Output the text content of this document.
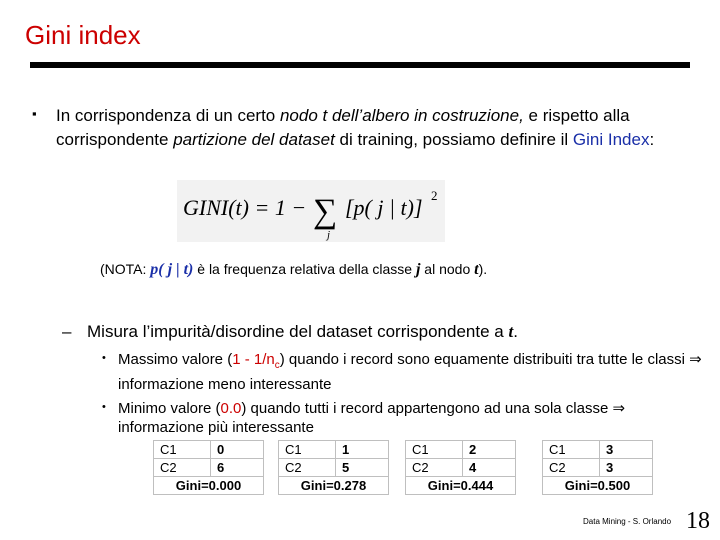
Gini index
▪ In corrispondenza di un certo nodo t dell’albero in costruzione, e rispetto alla corrispondente partizione del dataset di training, possiamo definire il Gini Index:
GINI(t) = 1 − ∑
j
[p( j | t)] 2
(NOTA: p( j | t) è la frequenza relativa della classe j al nodo t).
– Misura l’impurità/disordine del dataset corrispondente a t.
• Massimo valore $(1 - 1/n_c)$ quando i record sono equamente distribuiti tra tutte le classi ⇒ informazione meno interessante
• Minimo valore (0.0) quando tutti i record appartengono ad una sola classe ⇒ informazione più interessante
C1	0
C2	6
Gini=0.000	
C1	1
C2	5
Gini=0.278	
C1	2
C2	4
Gini=0.444	
C1	3
C2	3
Gini=0.500	
Data Mining - S. Orlando 18
